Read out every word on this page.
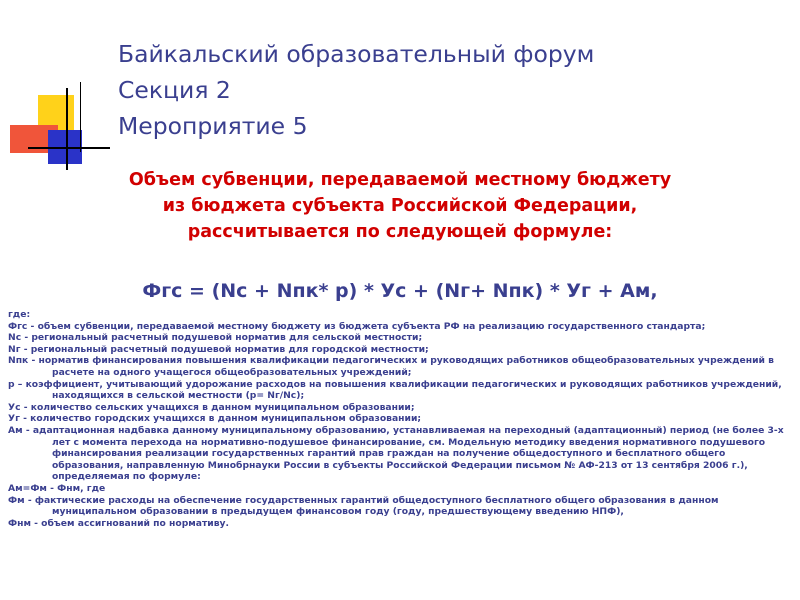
Байкальский образовательный форум
Секция 2
Мероприятие 5
Объем субвенции, передаваемой местному бюджету
из бюджета субъекта Российской Федерации,
рассчитывается по следующей формуле:
Фгс = (Nс + Nпк* р) * Ус + (Nг+ Nпк) * Уг + Ам,

где:

Фгс - объем субвенции, передаваемой местному бюджету из бюджета субъекта РФ на реализацию государственного стандарта;

Nс - региональный расчетный подушевой норматив для сельской местности;

Nг - региональный расчетный подушевой норматив для городской местности;

Nпк - норматив финансирования повышения квалификации педагогических и руководящих работников общеобразовательных учреждений в расчете на одного учащегося общеобразовательных учреждений;

р – коэффициент, учитывающий удорожание расходов на повышения квалификации педагогических и руководящих работников учреждений, находящихся в сельской местности (р= Nг/Nс);

Ус - количество сельских учащихся в данном муниципальном образовании;

Уг - количество городских учащихся в данном муниципальном образовании;

Ам - адаптационная надбавка данному муниципальному образованию, устанавливаемая на переходный (адаптационный) период (не более 3-х лет с момента перехода на нормативно-подушевое финансирование, см. Модельную методику введения нормативного подушевого финансирования реализации государственных гарантий прав граждан на получение общедоступного и бесплатного общего образования, направленную Минобрнауки России в субъекты Российской Федерации письмом № АФ-213 от 13 сентября 2006 г.), определяемая по формуле:

Ам=Фм - Фнм, где

Фм - фактические расходы на обеспечение государственных гарантий общедоступного бесплатного общего образования в данном муниципальном образовании в предыдущем финансовом году (году, предшествующему введению НПФ),

Фнм - объем ассигнований по нормативу.
